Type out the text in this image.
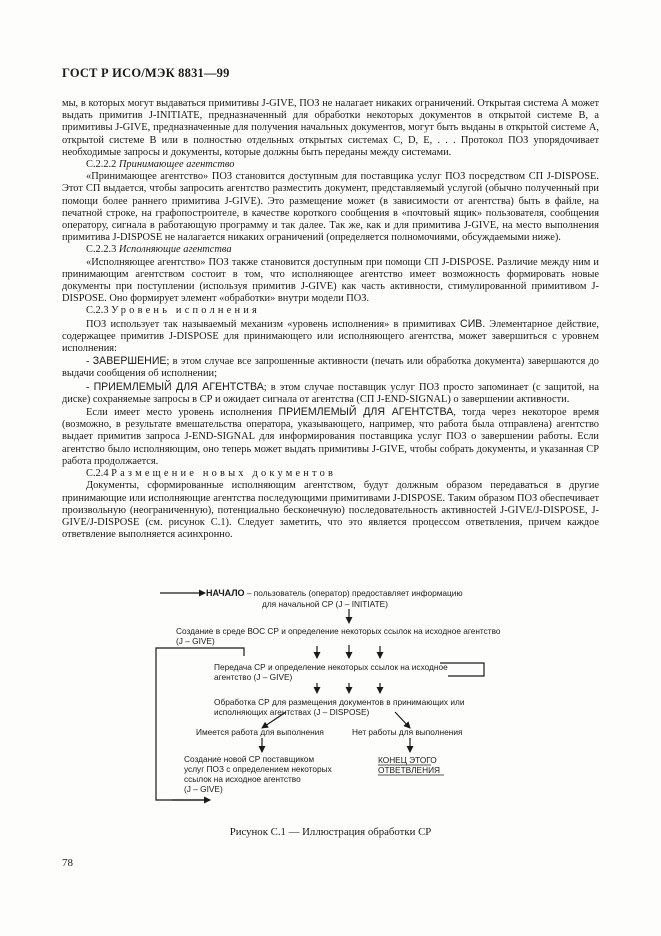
ГОСТ Р ИСО/МЭК 8831—99

мы, в которых могут выдаваться примитивы J-GIVE, ПОЗ не налагает никаких ограничений. Открытая система А может выдать примитив J-INITIATE, предназначенный для обработки некоторых документов в открытой системе В, а примитивы J-GIVE, предназначенные для получения начальных документов, могут быть выданы в открытой системе А, открытой системе В или в полностью отдельных открытых системах С, D, Е, . . . Протокол ПОЗ упорядочивает необходимые запросы и документы, которые должны быть переданы между системами.

С.2.2.2 Принимающее агентство

«Принимающее агентство» ПОЗ становится доступным для поставщика услуг ПОЗ посредством СП J-DISPOSE. Этот СП выдается, чтобы запросить агентство разместить документ, представляемый услугой (обычно полученный при помощи более раннего примитива J-GIVE). Это размещение может (в зависимости от агентства) быть в файле, на печатной строке, на графопостроителе, в качестве короткого сообщения в «почтовый ящик» пользователя, сообщения оператору, сигнала в работающую программу и так далее. Так же, как и для примитива J-GIVE, на место выполнения примитива J-DISPOSE не налагается никаких ограничений (определяется полномочиями, обсуждаемыми ниже).

С.2.2.3 Исполняющие агентства

«Исполняющее агентство» ПОЗ также становится доступным при помощи СП J-DISPOSE. Различие между ним и принимающим агентством состоит в том, что исполняющее агентство имеет возможность формировать новые документы при поступлении (используя примитив J-GIVE) как часть активности, стимулированной примитивом J-DISPOSE. Оно формирует элемент «обработки» внутри модели ПОЗ.

С.2.3 Уровень исполнения

ПОЗ использует так называемый механизм «уровень исполнения» в примитивах СИВ. Элементарное действие, содержащее примитив J-DISPOSE для принимающего или исполняющего агентства, может завершиться с уровнем исполнения:

- ЗАВЕРШЕНИЕ; в этом случае все запрошенные активности (печать или обработка документа) завершаются до выдачи сообщения об исполнении;

- ПРИЕМЛЕМЫЙ ДЛЯ АГЕНТСТВА; в этом случае поставщик услуг ПОЗ просто запоминает (с защитой, на диске) сохраняемые запросы в СР и ожидает сигнала от агентства (СП J-END-SIGNAL) о завершении активности.

Если имеет место уровень исполнения ПРИЕМЛЕМЫЙ ДЛЯ АГЕНТСТВА, тогда через некоторое время (возможно, в результате вмешательства оператора, указывающего, например, что работа была отправлена) агентство выдает примитив запроса J-END-SIGNAL для информирования поставщика услуг ПОЗ о завершении работы. Если агентство было исполняющим, оно теперь может выдать примитивы J-GIVE, чтобы собрать документы, и указанная СР работа продолжается.

С.2.4 Размещение новых документов

Документы, сформированные исполняющим агентством, будут должным образом передаваться в другие принимающие или исполняющие агентства последующими примитивами J-DISPOSE. Таким образом ПОЗ обеспечивает произвольную (неограниченную), потенциально бесконечную) последовательность активностей J-GIVE/J-DISPOSE, J-GIVE/J-DISPOSE (см. рисунок С.1). Следует заметить, что это является процессом ответвления, причем каждое ответвление выполняется асинхронно.

НАЧАЛО – пользователь (оператор) предоставляет информацию
для начальной СР (J – INITIATE)
Создание в среде ВОС СР и определение некоторых ссылок на исходное агентство
(J – GIVE)
Передача СР и определение некоторых ссылок на исходное
агентство (J – GIVE)
Обработка СР для размещения документов в принимающих или
исполняющих агентствах (J – DISPOSE)
Имеется работа для выполнения	Нет работы для выполнения
Создание новой СР поставщиком
услуг ПОЗ с определением некоторых
ссылок на исходное агентство
(J – GIVE)
КОНЕЦ ЭТОГО
ОТВЕТВЛЕНИЯ
Рисунок С.1 — Иллюстрация обработки СР
78
